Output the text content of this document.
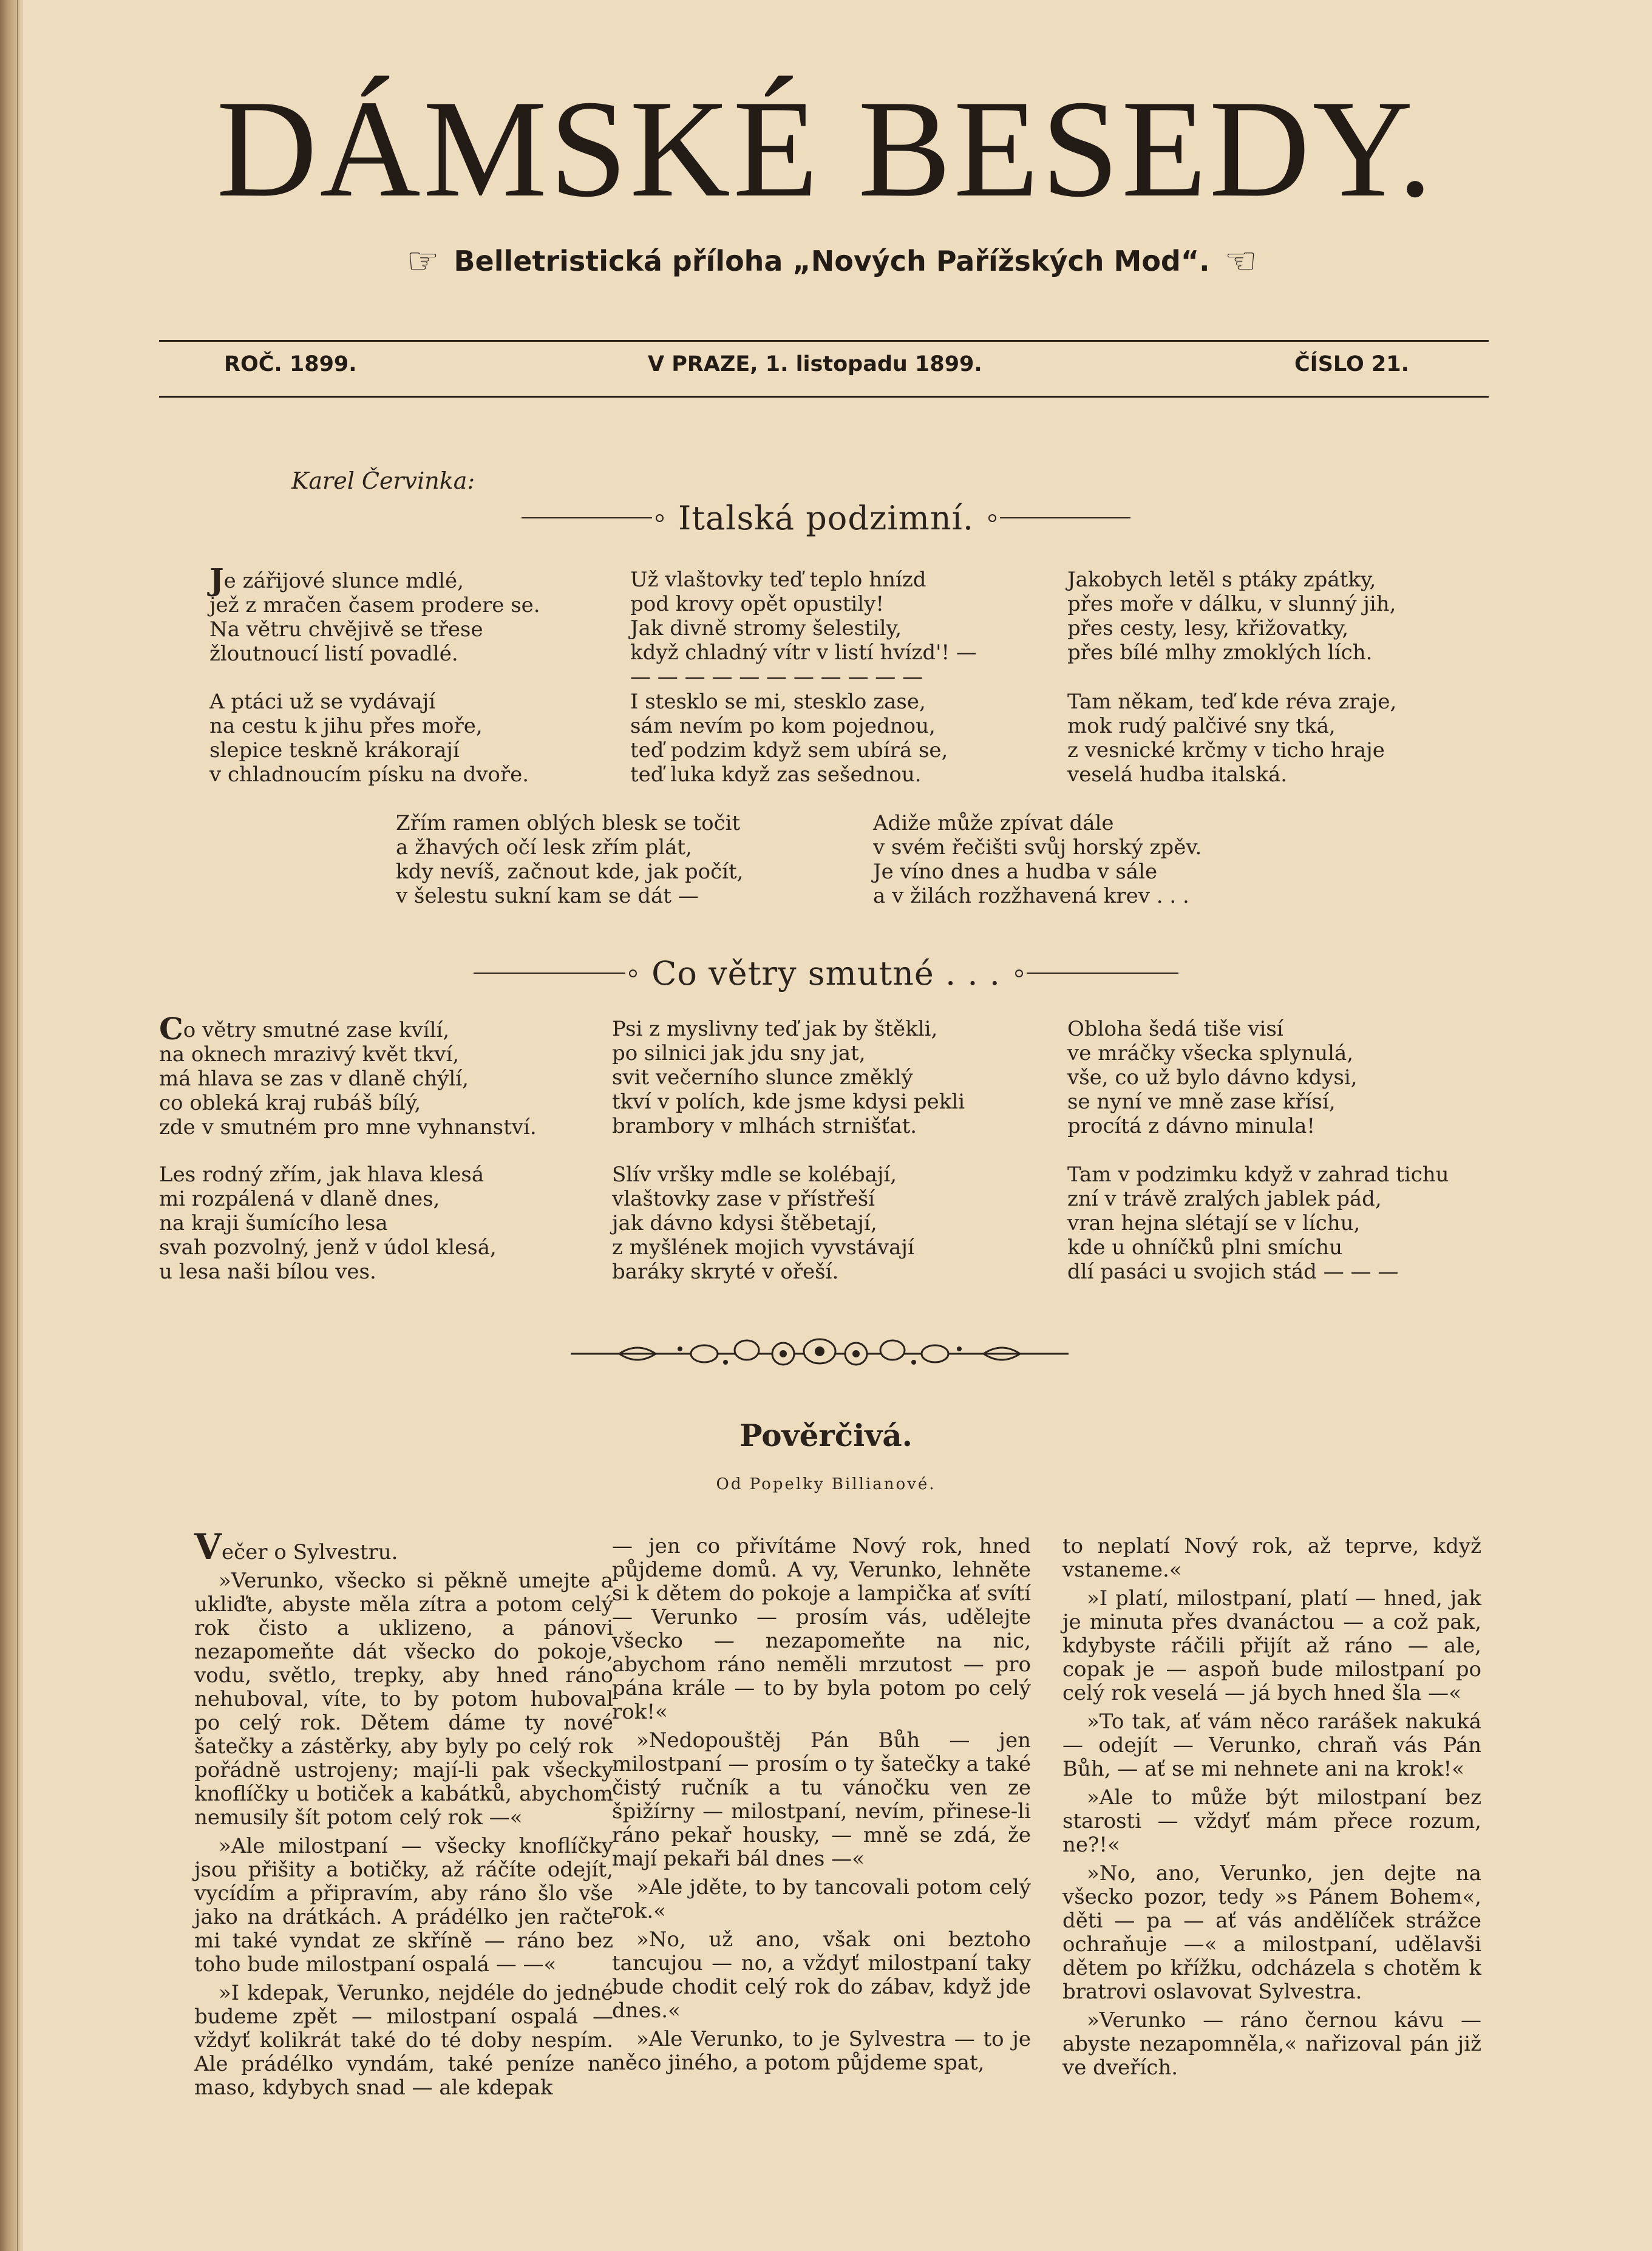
DÁMSKÉ BESEDY.
☞ Belletristická příloha „Nových Pařížských Mod“. ☜
ROČ. 1899.	V PRAZE, 1. listopadu 1899.	ČÍSLO 21.
Karel Červinka:
Italská podzimní.
Je zářijové slunce mdlé,
jež z mračen časem prodere se.
Na větru chvějivě se třese
žloutnoucí listí povadlé.
A ptáci už se vydávají
na cestu k jihu přes moře,
slepice teskně krákorají
v chladnoucím písku na dvoře.
Už vlaštovky teď teplo hnízd
pod krovy opět opustily!
Jak divně stromy šelestily,
když chladný vítr v listí hvízd'! —
— — — — — — — — — — —
I stesklo se mi, stesklo zase,
sám nevím po kom pojednou,
teď podzim když sem ubírá se,
teď luka když zas sešednou.
Jakobych letěl s ptáky zpátky,
přes moře v dálku, v slunný jih,
přes cesty, lesy, křižovatky,
přes bílé mlhy zmoklých lích.
Tam někam, teď kde réva zraje,
mok rudý palčivé sny tká,
z vesnické krčmy v ticho hraje
veselá hudba italská.
Zřím ramen oblých blesk se točit
a žhavých očí lesk zřím plát,
kdy nevíš, začnout kde, jak počít,
v šelestu sukní kam se dát —
Adiže může zpívat dále
v svém řečišti svůj horský zpěv.
Je víno dnes a hudba v sále
a v žilách rozžhavená krev . . .
Co větry smutné . . .
Co větry smutné zase kvílí,
na oknech mrazivý květ tkví,
má hlava se zas v dlaně chýlí,
co obleká kraj rubáš bílý,
zde v smutném pro mne vyhnanství.
Les rodný zřím, jak hlava klesá
mi rozpálená v dlaně dnes,
na kraji šumícího lesa
svah pozvolný, jenž v údol klesá,
u lesa naši bílou ves.
Psi z myslivny teď jak by štěkli,
po silnici jak jdu sny jat,
svit večerního slunce změklý
tkví v polích, kde jsme kdysi pekli
brambory v mlhách strnišťat.
Slív vršky mdle se kolébají,
vlaštovky zase v přístřeší
jak dávno kdysi štěbetají,
z myšlének mojich vyvstávají
baráky skryté v ořeší.
Obloha šedá tiše visí
ve mráčky všecka splynulá,
vše, co už bylo dávno kdysi,
se nyní ve mně zase křísí,
procítá z dávno minula!
Tam v podzimku když v zahrad tichu
zní v trávě zralých jablek pád,
vran hejna slétají se v líchu,
kde u ohníčků plni smíchu
dlí pasáci u svojich stád — — —
Pověrčivá.
Od Popelky Billianové.

Večer o Sylvestru.

»Verunko, všecko si pěkně umejte a ukliďte, abyste měla zítra a potom celý rok čisto a uklizeno, a pánovi nezapomeňte dát všecko do pokoje, vodu, světlo, trepky, aby hned ráno nehuboval, víte, to by potom huboval po celý rok. Dětem dáme ty nové šatečky a zástěrky, aby byly po celý rok pořádně ustrojeny; mají-li pak všecky knoflíčky u botiček a kabátků, abychom nemusily šít potom celý rok —«

»Ale milostpaní — všecky knoflíčky jsou přišity a botičky, až ráčíte odejít, vycídím a připravím, aby ráno šlo vše jako na drátkách. A prádélko jen račte mi také vyndat ze skříně — ráno bez toho bude milostpaní ospalá — —«

»I kdepak, Verunko, nejdéle do jedné budeme zpět — milostpaní ospalá — vždyť kolikrát také do té doby nespím. Ale prádélko vyndám, také peníze na maso, kdybych snad — ale kdepak

— jen co přivítáme Nový rok, hned půjdeme domů. A vy, Verunko, lehněte si k dětem do pokoje a lampička ať svítí — Verunko — prosím vás, udělejte všecko — nezapomeňte na nic, abychom ráno neměli mrzutost — pro pána krále — to by byla potom po celý rok!«

»Nedopouštěj Pán Bůh — jen milostpaní — prosím o ty šatečky a také čistý ručník a tu vánočku ven ze špižírny — milostpaní, nevím, přinese-li ráno pekař housky, — mně se zdá, že mají pekaři bál dnes —«

»Ale jděte, to by tancovali potom celý rok.«

»No, už ano, však oni beztoho tancujou — no, a vždyť milostpaní taky bude chodit celý rok do zábav, když jde dnes.«

»Ale Verunko, to je Sylvestra — to je něco jiného, a potom půjdeme spat,

to neplatí Nový rok, až teprve, když vstaneme.«

»I platí, milostpaní, platí — hned, jak je minuta přes dvanáctou — a což pak, kdybyste ráčili přijít až ráno — ale, copak je — aspoň bude milostpaní po celý rok veselá — já bych hned šla —«

»To tak, ať vám něco rarášek nakuká — odejít — Verunko, chraň vás Pán Bůh, — ať se mi nehnete ani na krok!«

»Ale to může být milostpaní bez starosti — vždyť mám přece rozum, ne?!«

»No, ano, Verunko, jen dejte na všecko pozor, tedy »s Pánem Bohem«, děti — pa — ať vás andělíček strážce ochraňuje —« a milostpaní, udělavši dětem po křížku, odcházela s chotěm k bratrovi oslavovat Sylvestra.

»Verunko — ráno černou kávu — abyste nezapomněla,« nařizoval pán již ve dveřích.
